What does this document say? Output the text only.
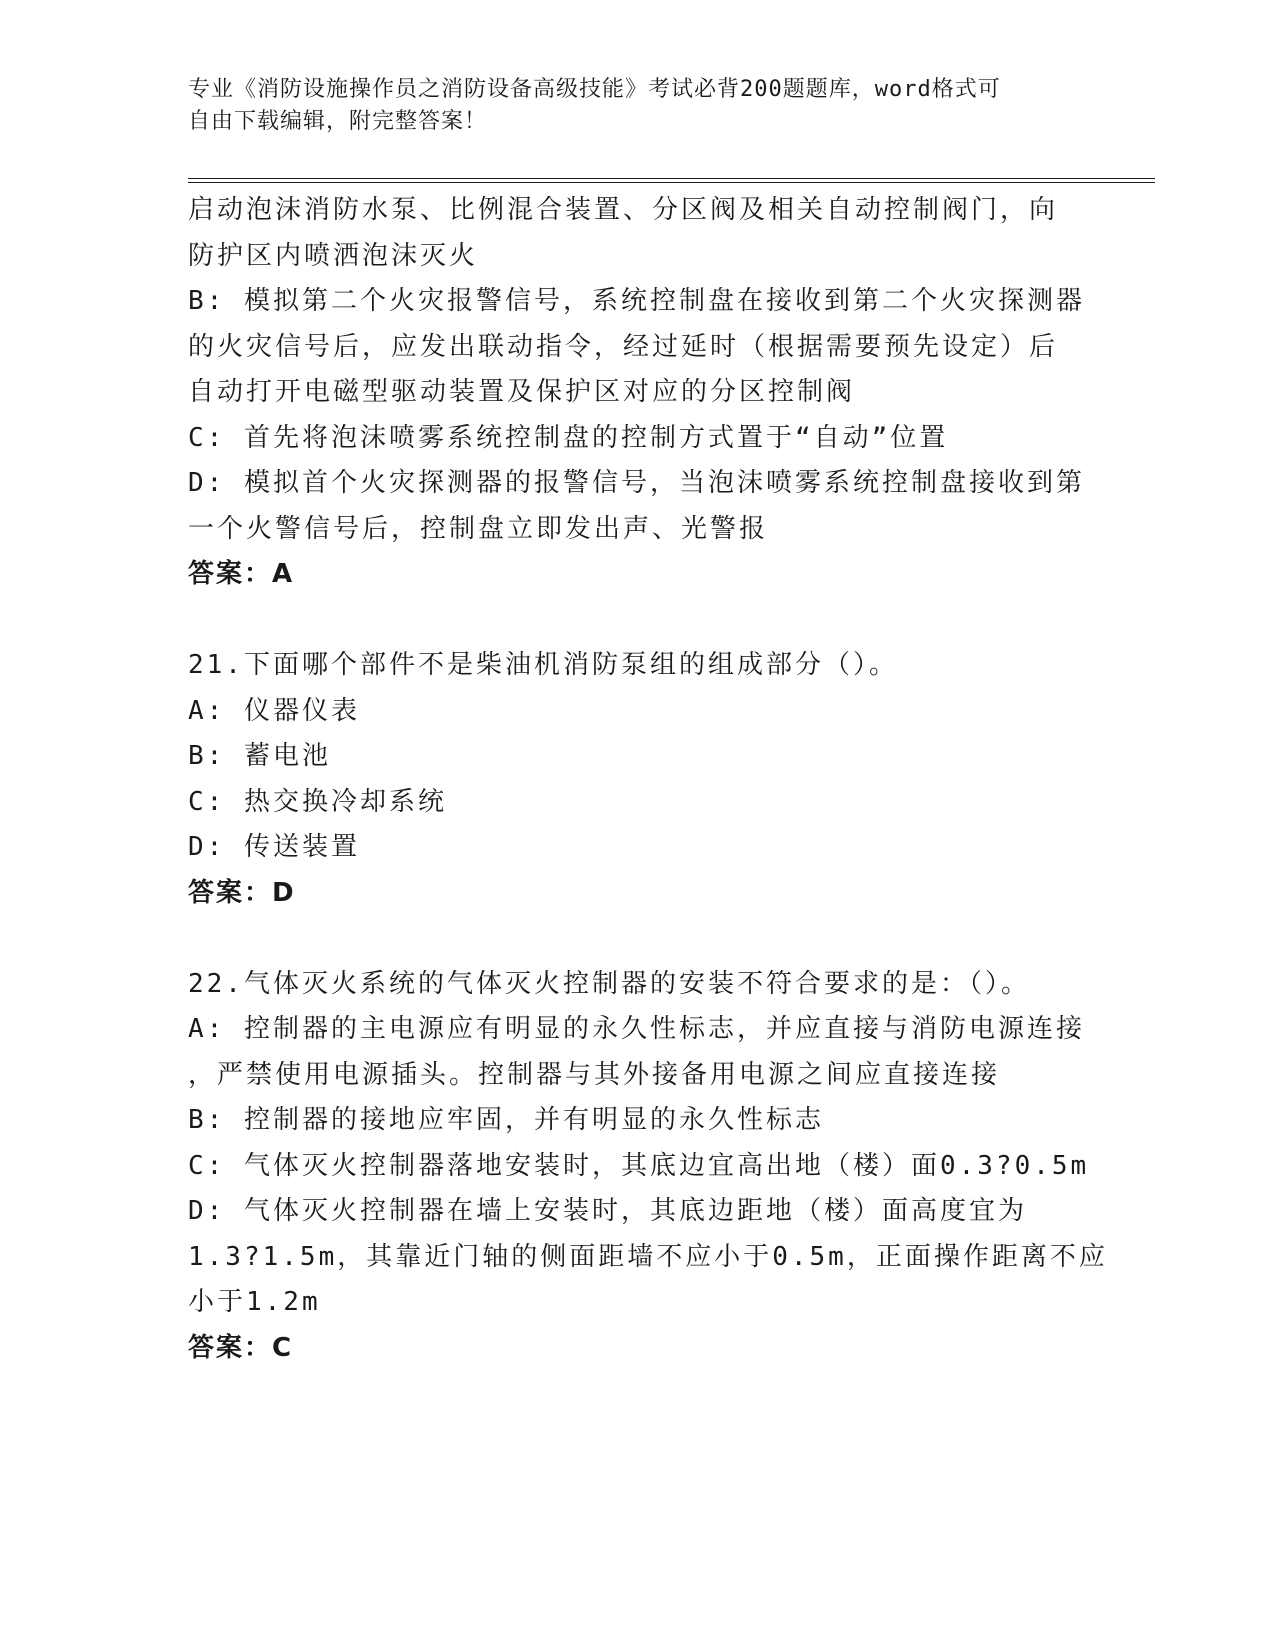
专业《消防设施操作员之消防设备高级技能》考试必背200题题库，word格式可
自由下载编辑，附完整答案！
启动泡沫消防水泵、比例混合装置、分区阀及相关自动控制阀门，向
防护区内喷洒泡沫灭火
B: 模拟第二个火灾报警信号，系统控制盘在接收到第二个火灾探测器
的火灾信号后，应发出联动指令，经过延时（根据需要预先设定）后
自动打开电磁型驱动装置及保护区对应的分区控制阀
C: 首先将泡沫喷雾系统控制盘的控制方式置于“自动”位置
D: 模拟首个火灾探测器的报警信号，当泡沫喷雾系统控制盘接收到第
一个火警信号后，控制盘立即发出声、光警报
答案：A
21.下面哪个部件不是柴油机消防泵组的组成部分（）。
A: 仪器仪表
B: 蓄电池
C: 热交换冷却系统
D: 传送装置
答案：D
22.气体灭火系统的气体灭火控制器的安装不符合要求的是：（）。
A: 控制器的主电源应有明显的永久性标志，并应直接与消防电源连接
，严禁使用电源插头。控制器与其外接备用电源之间应直接连接
B: 控制器的接地应牢固，并有明显的永久性标志
C: 气体灭火控制器落地安装时，其底边宜高出地（楼）面0.3?0.5m
D: 气体灭火控制器在墙上安装时，其底边距地（楼）面高度宜为
1.3?1.5m，其靠近门轴的侧面距墙不应小于0.5m，正面操作距离不应
小于1.2m
答案：C
